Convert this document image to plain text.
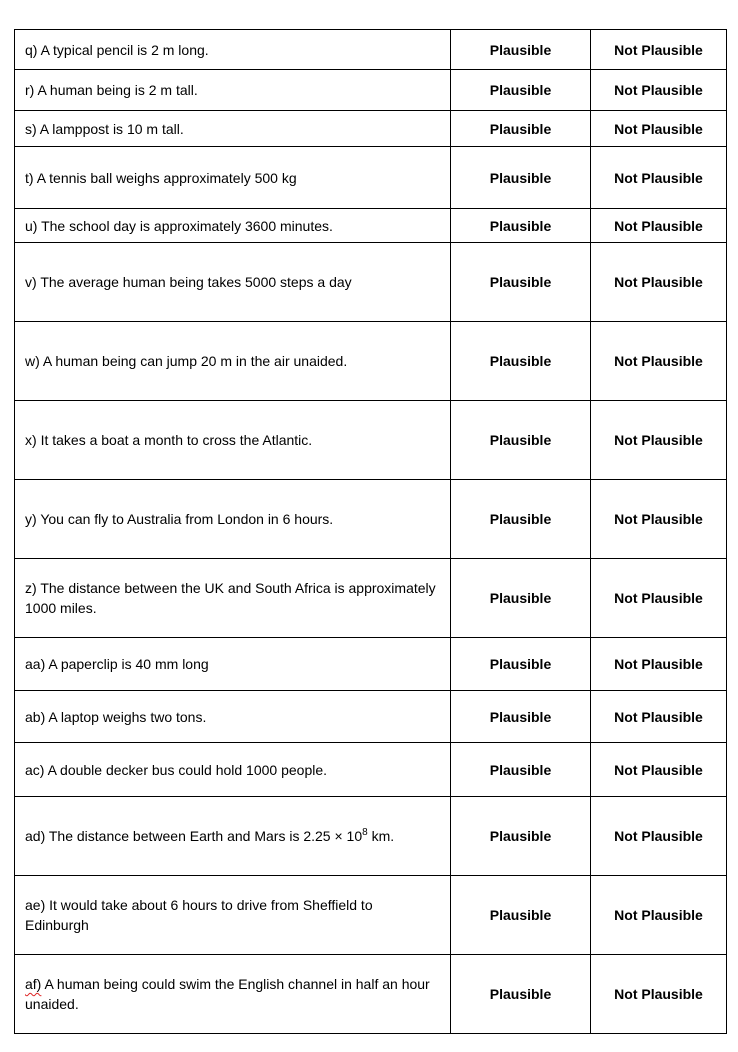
q) A typical pencil is 2 m long.	Plausible	Not Plausible
r) A human being is 2 m tall.	Plausible	Not Plausible
s) A lamppost is 10 m tall.	Plausible	Not Plausible
t) A tennis ball weighs approximately 500 kg	Plausible	Not Plausible
u) The school day is approximately 3600 minutes.	Plausible	Not Plausible
v) The average human being takes 5000 steps a day	Plausible	Not Plausible
w) A human being can jump 20 m in the air unaided.	Plausible	Not Plausible
x) It takes a boat a month to cross the Atlantic.	Plausible	Not Plausible
y) You can fly to Australia from London in 6 hours.	Plausible	Not Plausible
z) The distance between the UK and South Africa is approximately 1000 miles.	Plausible	Not Plausible
aa) A paperclip is 40 mm long	Plausible	Not Plausible
ab) A laptop weighs two tons.	Plausible	Not Plausible
ac) A double decker bus could hold 1000 people.	Plausible	Not Plausible
ad) The distance between Earth and Mars is $2.25 \times 10^8$ km.	Plausible	Not Plausible
ae) It would take about 6 hours to drive from Sheffield to Edinburgh	Plausible	Not Plausible
af) A human being could swim the English channel in half an hour unaided.	Plausible	Not Plausible
